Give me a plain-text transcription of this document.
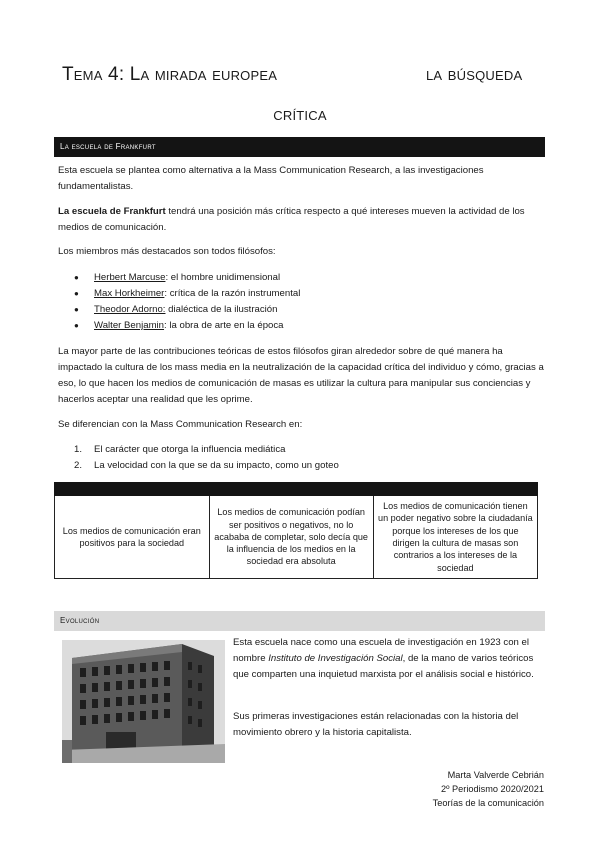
Tema 4: La mirada europea	la búsqueda
crítica
La escuela de Frankfurt

Esta escuela se plantea como alternativa a la Mass Communication Research, a las investigaciones fundamentalistas.

La escuela de Frankfurt tendrá una posición más crítica respecto a qué intereses mueven la actividad de los medios de comunicación.

Los miembros más destacados son todos filósofos:

● Herbert Marcuse: el hombre unidimensional
● Max Horkheimer: crítica de la razón instrumental
● Theodor Adorno: dialéctica de la ilustración
● Walter Benjamin: la obra de arte en la época

La mayor parte de las contribuciones teóricas de estos filósofos giran alrededor sobre de qué manera ha impactado la cultura de los mass media en la neutralización de la capacidad crítica del individuo y cómo, gracias a eso, lo que hacen los medios de comunicación de masas es utilizar la cultura para manipular sus conciencias y hacerlos aceptar una realidad que les oprime.

Se diferencian con la Mass Communication Research en:

1. El carácter que otorga la influencia mediática
2. La velocidad con la que se da su impacto, como un goteo

Los medios de comunicación eran positivos para la sociedad	Los medios de comunicación podían ser positivos o negativos, no lo acababa de completar, solo decía que la influencia de los medios en la sociedad era absoluta	Los medios de comunicación tienen un poder negativo sobre la ciudadanía porque los intereses de los que dirigen la cultura de masas son contrarios a los intereses de la sociedad
Evolución

Esta escuela nace como una escuela de investigación en 1923 con el nombre Instituto de Investigación Social, de la mano de varios teóricos que comparten una inquietud marxista por el análisis social e histórico.

Sus primeras investigaciones están relacionadas con la historia del movimiento obrero y la historia capitalista.

Marta Valverde Cebrián
2º Periodismo 2020/2021
Teorías de la comunicación
